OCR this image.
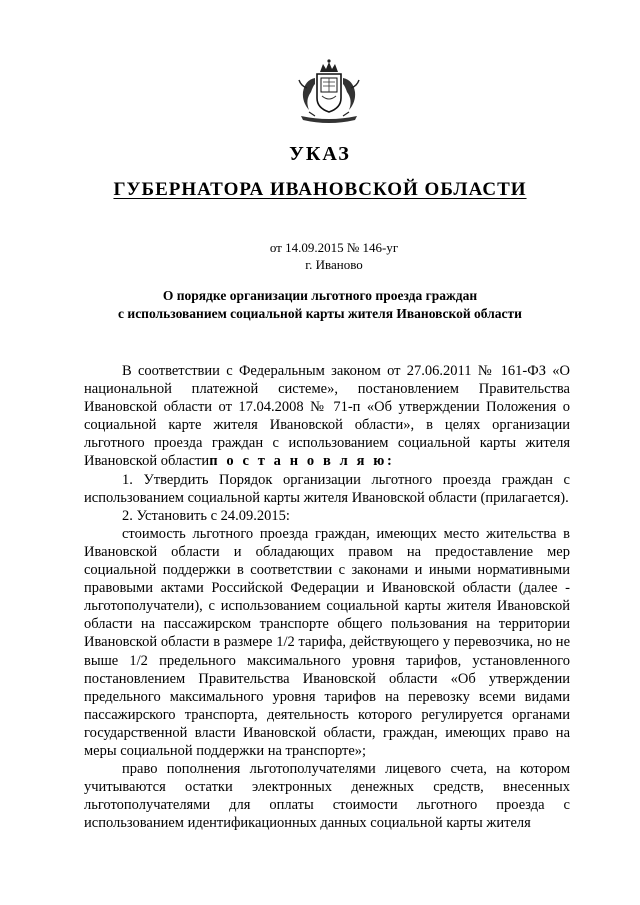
УКАЗ
ГУБЕРНАТОРА ИВАНОВСКОЙ ОБЛАСТИ
от 14.09.2015 № 146-уг
г. Иваново
О порядке организации льготного проезда граждан
с использованием социальной карты жителя Ивановской области

В соответствии с Федеральным законом от 27.06.2011 № 161-ФЗ «О национальной платежной системе», постановлением Правительства Ивановской области от 17.04.2008 № 71-п «Об утверждении Положения о социальной карте жителя Ивановской области», в целях организации льготного проезда граждан с использованием социальной карты жителя Ивановской областип о с т а н о в л я ю:

1. Утвердить Порядок организации льготного проезда граждан с использованием социальной карты жителя Ивановской области (прилагается).

2. Установить с 24.09.2015:

стоимость льготного проезда граждан, имеющих место жительства в Ивановской области и обладающих правом на предоставление мер социальной поддержки в соответствии с законами и иными нормативными правовыми актами Российской Федерации и Ивановской области (далее - льготополучатели), с использованием социальной карты жителя Ивановской области на пассажирском транспорте общего пользования на территории Ивановской области в размере 1/2 тарифа, действующего у перевозчика, но не выше 1/2 предельного максимального уровня тарифов, установленного постановлением Правительства Ивановской области «Об утверждении предельного максимального уровня тарифов на перевозку всеми видами пассажирского транспорта, деятельность которого регулируется органами государственной власти Ивановской области, граждан, имеющих право на меры социальной поддержки на транспорте»;

право пополнения льготополучателями лицевого счета, на котором учитываются остатки электронных денежных средств, внесенных льготополучателями для оплаты стоимости льготного проезда с использованием идентификационных данных социальной карты жителя
